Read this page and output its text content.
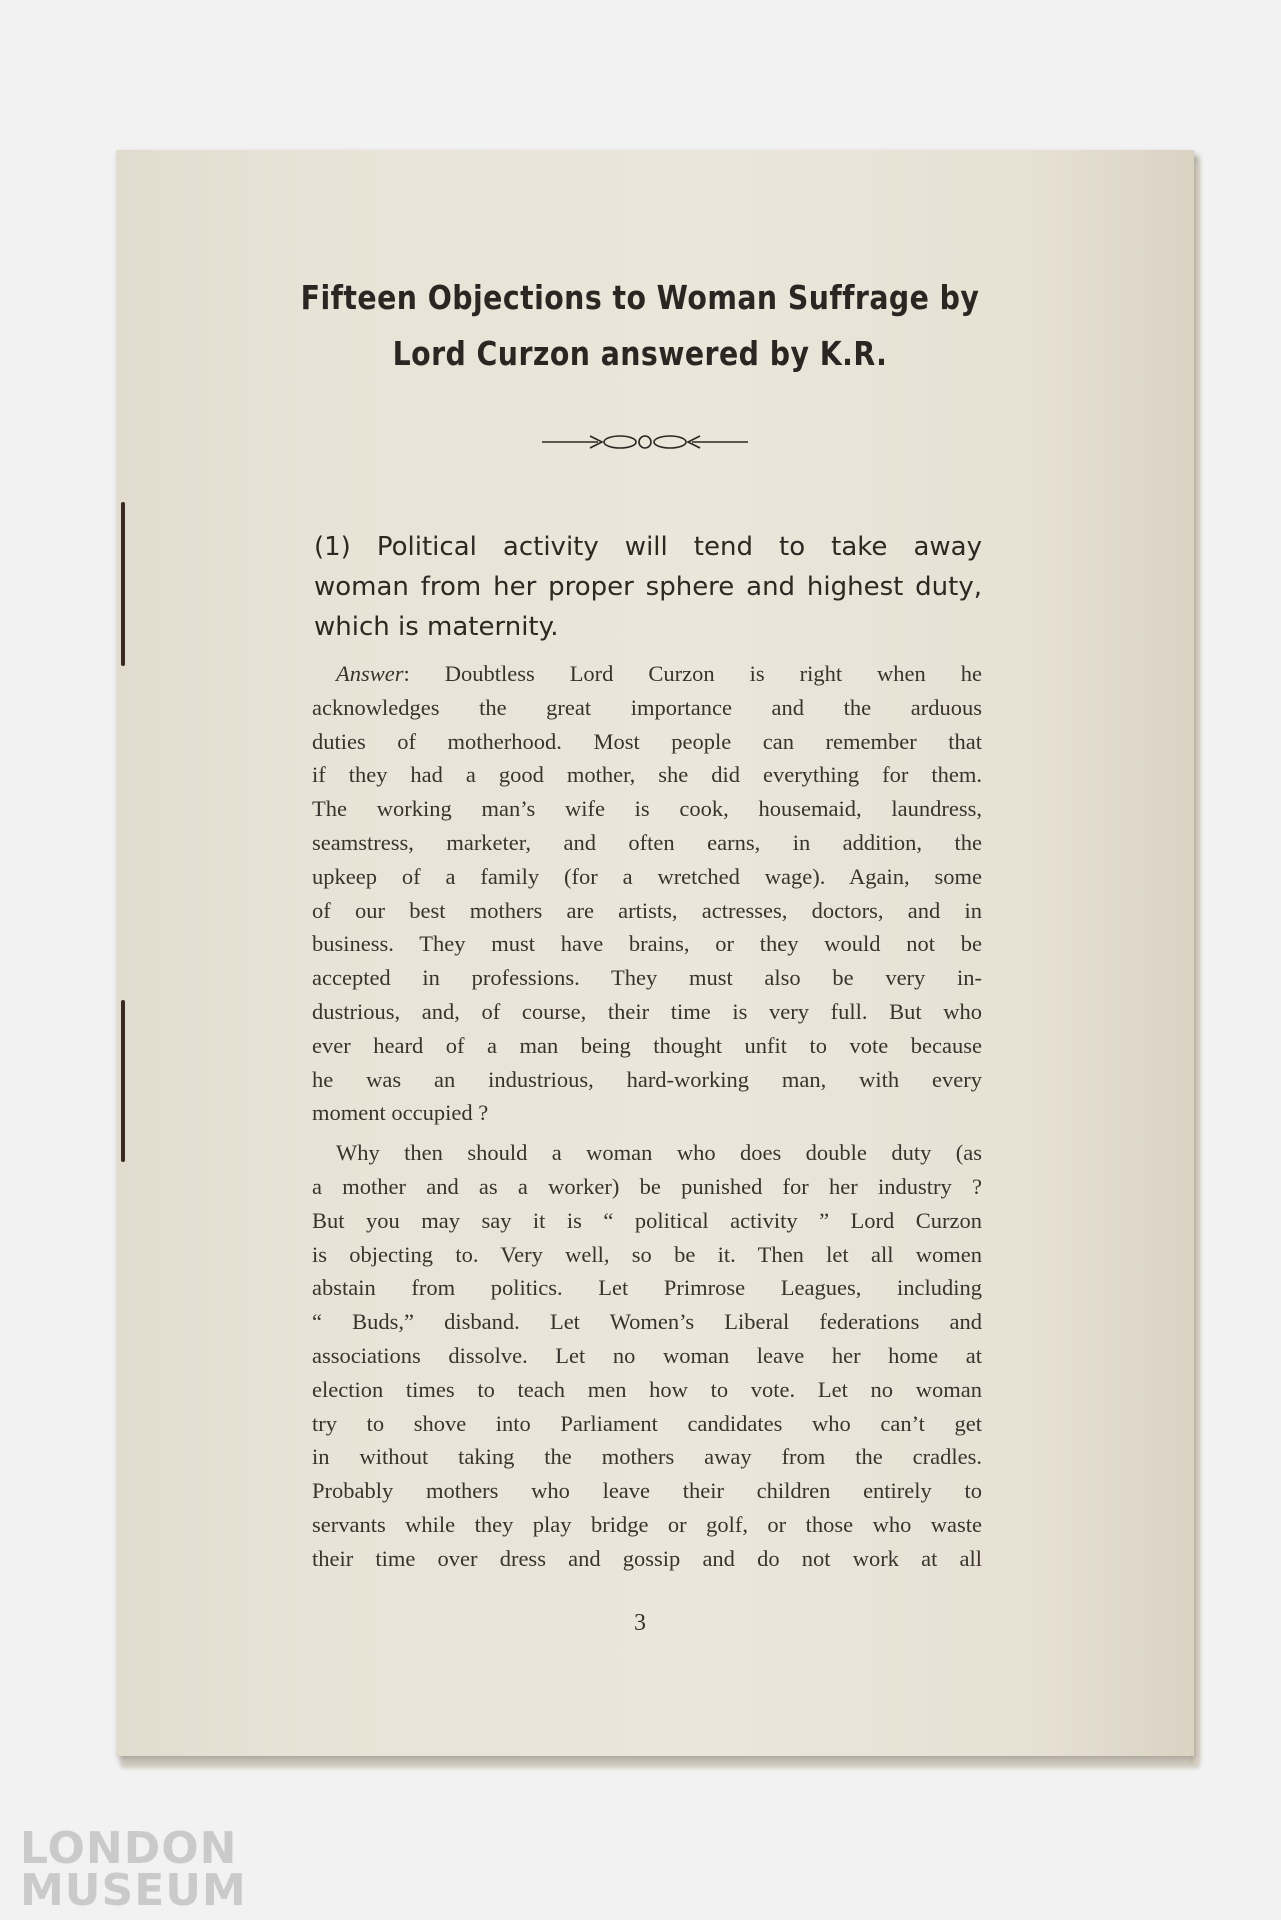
Fifteen Objections to Woman Suffrage by
Lord Curzon answered by K.R.
(1) Political activity will tend to take away
woman from her proper sphere and highest duty,
which is maternity.
Answer: Doubtless Lord Curzon is right when he
acknowledges the great importance and the arduous
duties of motherhood. Most people can remember that
if they had a good mother, she did everything for them.
The working man’s wife is cook, housemaid, laundress,
seamstress, marketer, and often earns, in addition, the
upkeep of a family (for a wretched wage). Again, some
of our best mothers are artists, actresses, doctors, and in
business. They must have brains, or they would not be
accepted in professions. They must also be very in-
dustrious, and, of course, their time is very full. But who
ever heard of a man being thought unfit to vote because
he was an industrious, hard-working man, with every
moment occupied ?
Why then should a woman who does double duty (as
a mother and as a worker) be punished for her industry ?
But you may say it is “ political activity ” Lord Curzon
is objecting to. Very well, so be it. Then let all women
abstain from politics. Let Primrose Leagues, including
“ Buds,” disband. Let Women’s Liberal federations and
associations dissolve. Let no woman leave her home at
election times to teach men how to vote. Let no woman
try to shove into Parliament candidates who can’t get
in without taking the mothers away from the cradles.
Probably mothers who leave their children entirely to
servants while they play bridge or golf, or those who waste
their time over dress and gossip and do not work at all
3
LONDON
MUSEUM
